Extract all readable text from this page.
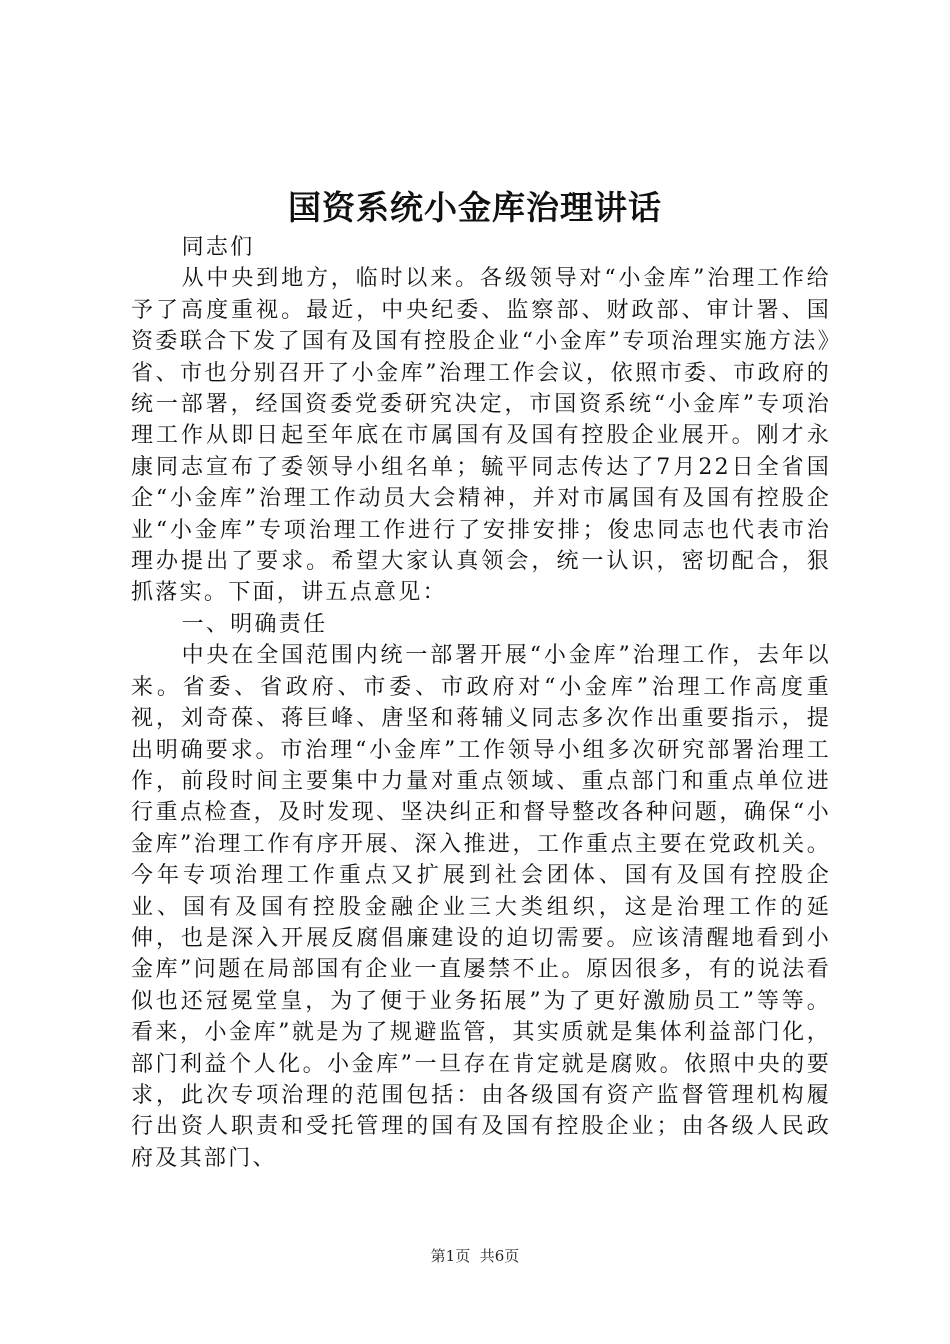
国资系统小金库治理讲话

同志们

从中央到地方，临时以来。各级领导对“小金库”治理工作给予了高度重视。最近，中央纪委、监察部、财政部、审计署、国资委联合下发了国有及国有控股企业“小金库”专项治理实施方法》省、市也分别召开了小金库”治理工作会议，依照市委、市政府的统一部署，经国资委党委研究决定，市国资系统“小金库”专项治理工作从即日起至年底在市属国有及国有控股企业展开。刚才永康同志宣布了委领导小组名单；毓平同志传达了7月22日全省国企“小金库”治理工作动员大会精神，并对市属国有及国有控股企业“小金库”专项治理工作进行了安排安排；俊忠同志也代表市治理办提出了要求。希望大家认真领会，统一认识，密切配合，狠抓落实。下面，讲五点意见：

一、明确责任

中央在全国范围内统一部署开展“小金库”治理工作，去年以来。省委、省政府、市委、市政府对“小金库”治理工作高度重视，刘奇葆、蒋巨峰、唐坚和蒋辅义同志多次作出重要指示，提出明确要求。市治理“小金库”工作领导小组多次研究部署治理工作，前段时间主要集中力量对重点领域、重点部门和重点单位进行重点检查，及时发现、坚决纠正和督导整改各种问题，确保“小金库”治理工作有序开展、深入推进，工作重点主要在党政机关。今年专项治理工作重点又扩展到社会团体、国有及国有控股企业、国有及国有控股金融企业三大类组织，这是治理工作的延伸，也是深入开展反腐倡廉建设的迫切需要。应该清醒地看到小金库”问题在局部国有企业一直屡禁不止。原因很多，有的说法看似也还冠冕堂皇，为了便于业务拓展”为了更好激励员工”等等。看来，小金库”就是为了规避监管，其实质就是集体利益部门化，部门利益个人化。小金库”一旦存在肯定就是腐败。依照中央的要求，此次专项治理的范围包括：由各级国有资产监督管理机构履行出资人职责和受托管理的国有及国有控股企业；由各级人民政府及其部门、

第1页 共6页
